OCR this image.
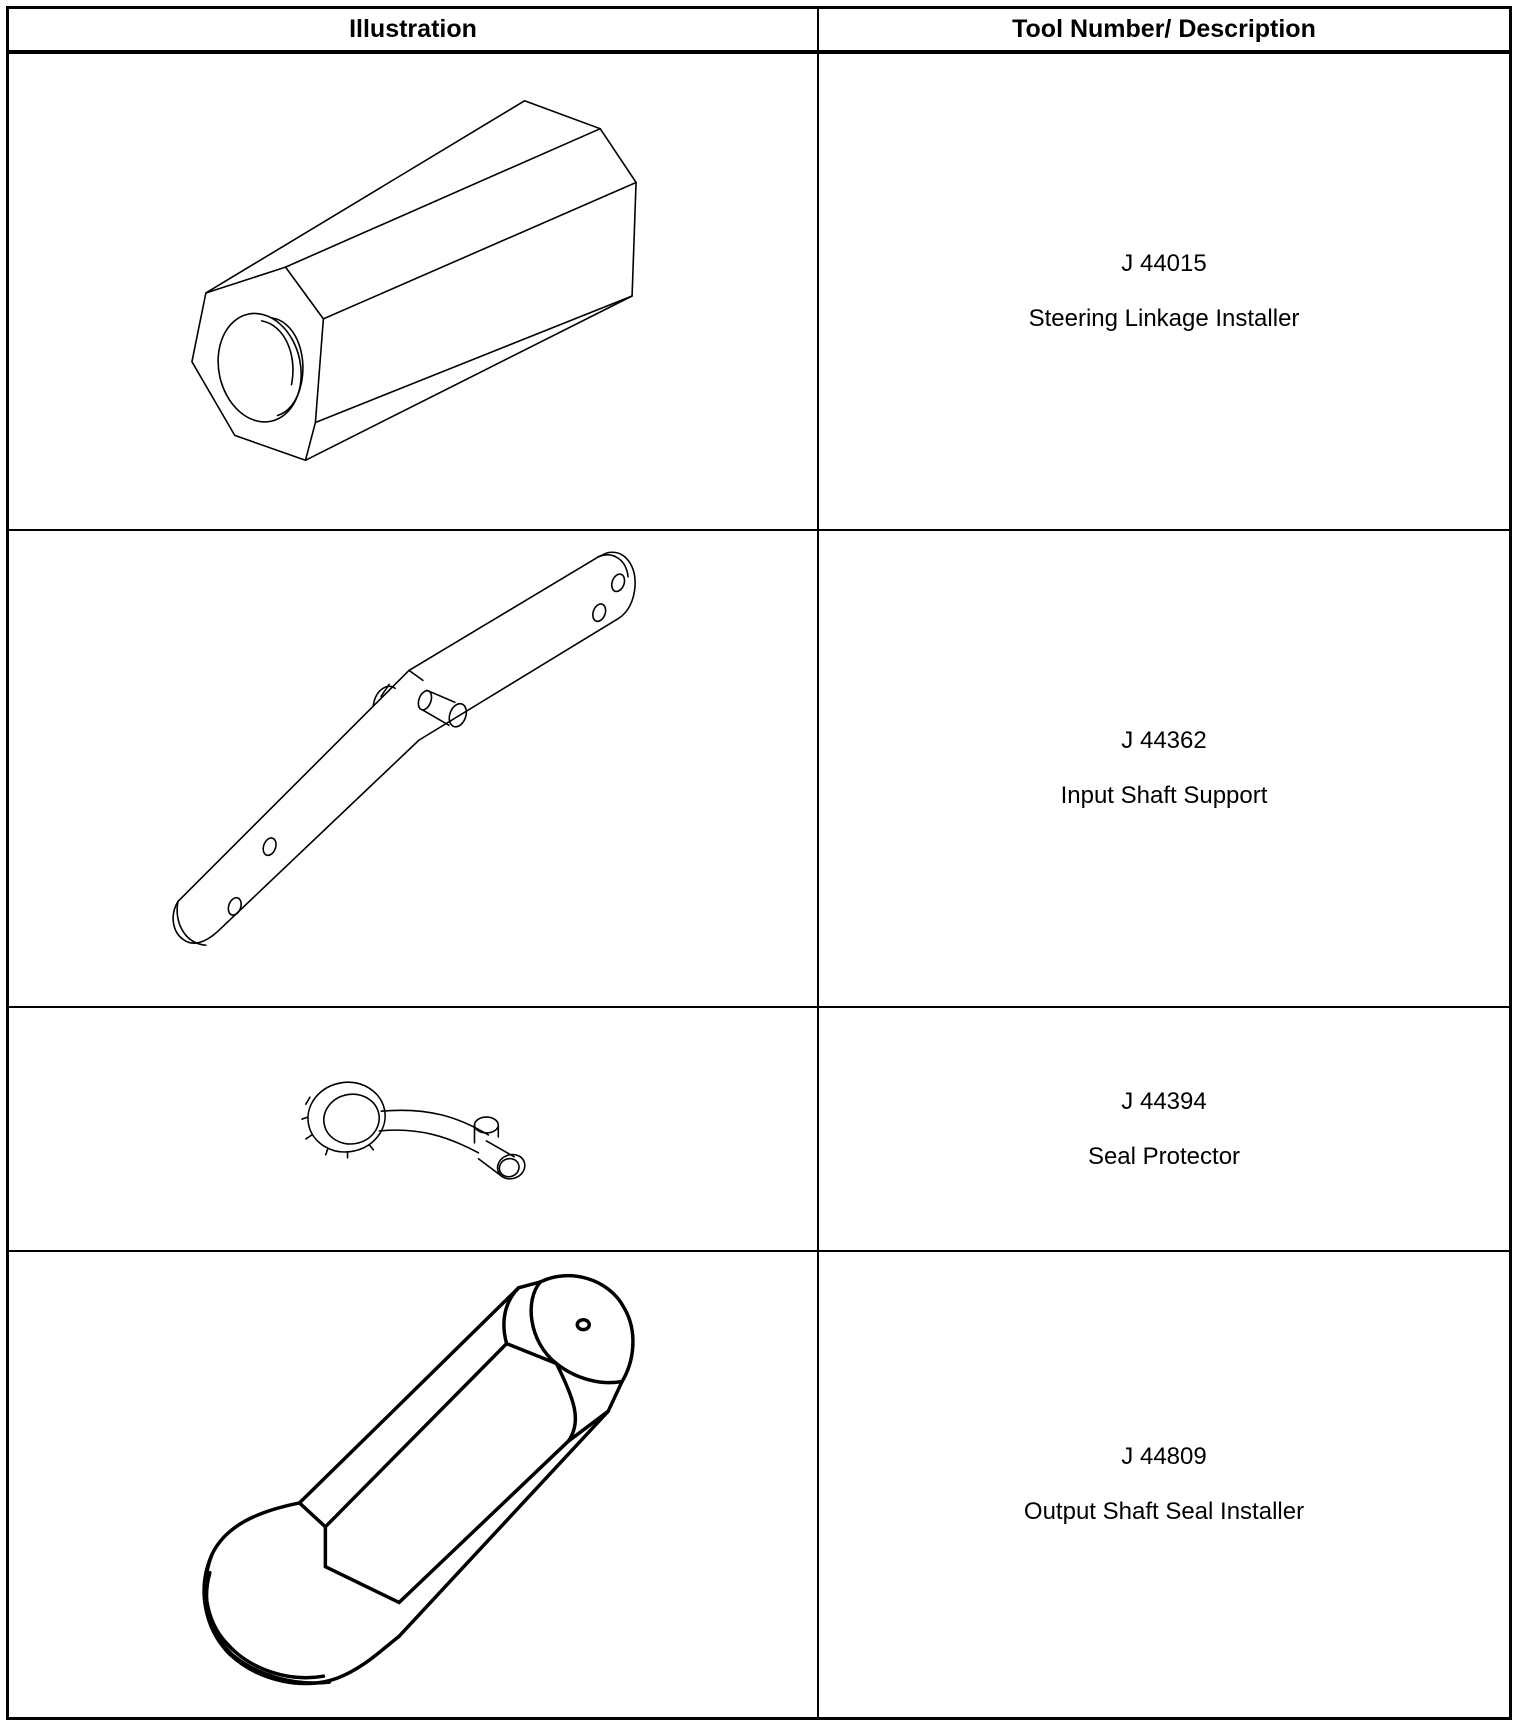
Illustration	Tool Number/ Description
J 44015
Steering Linkage Installer
J 44362
Input Shaft Support
J 44394
Seal Protector
J 44809
Output Shaft Seal Installer
